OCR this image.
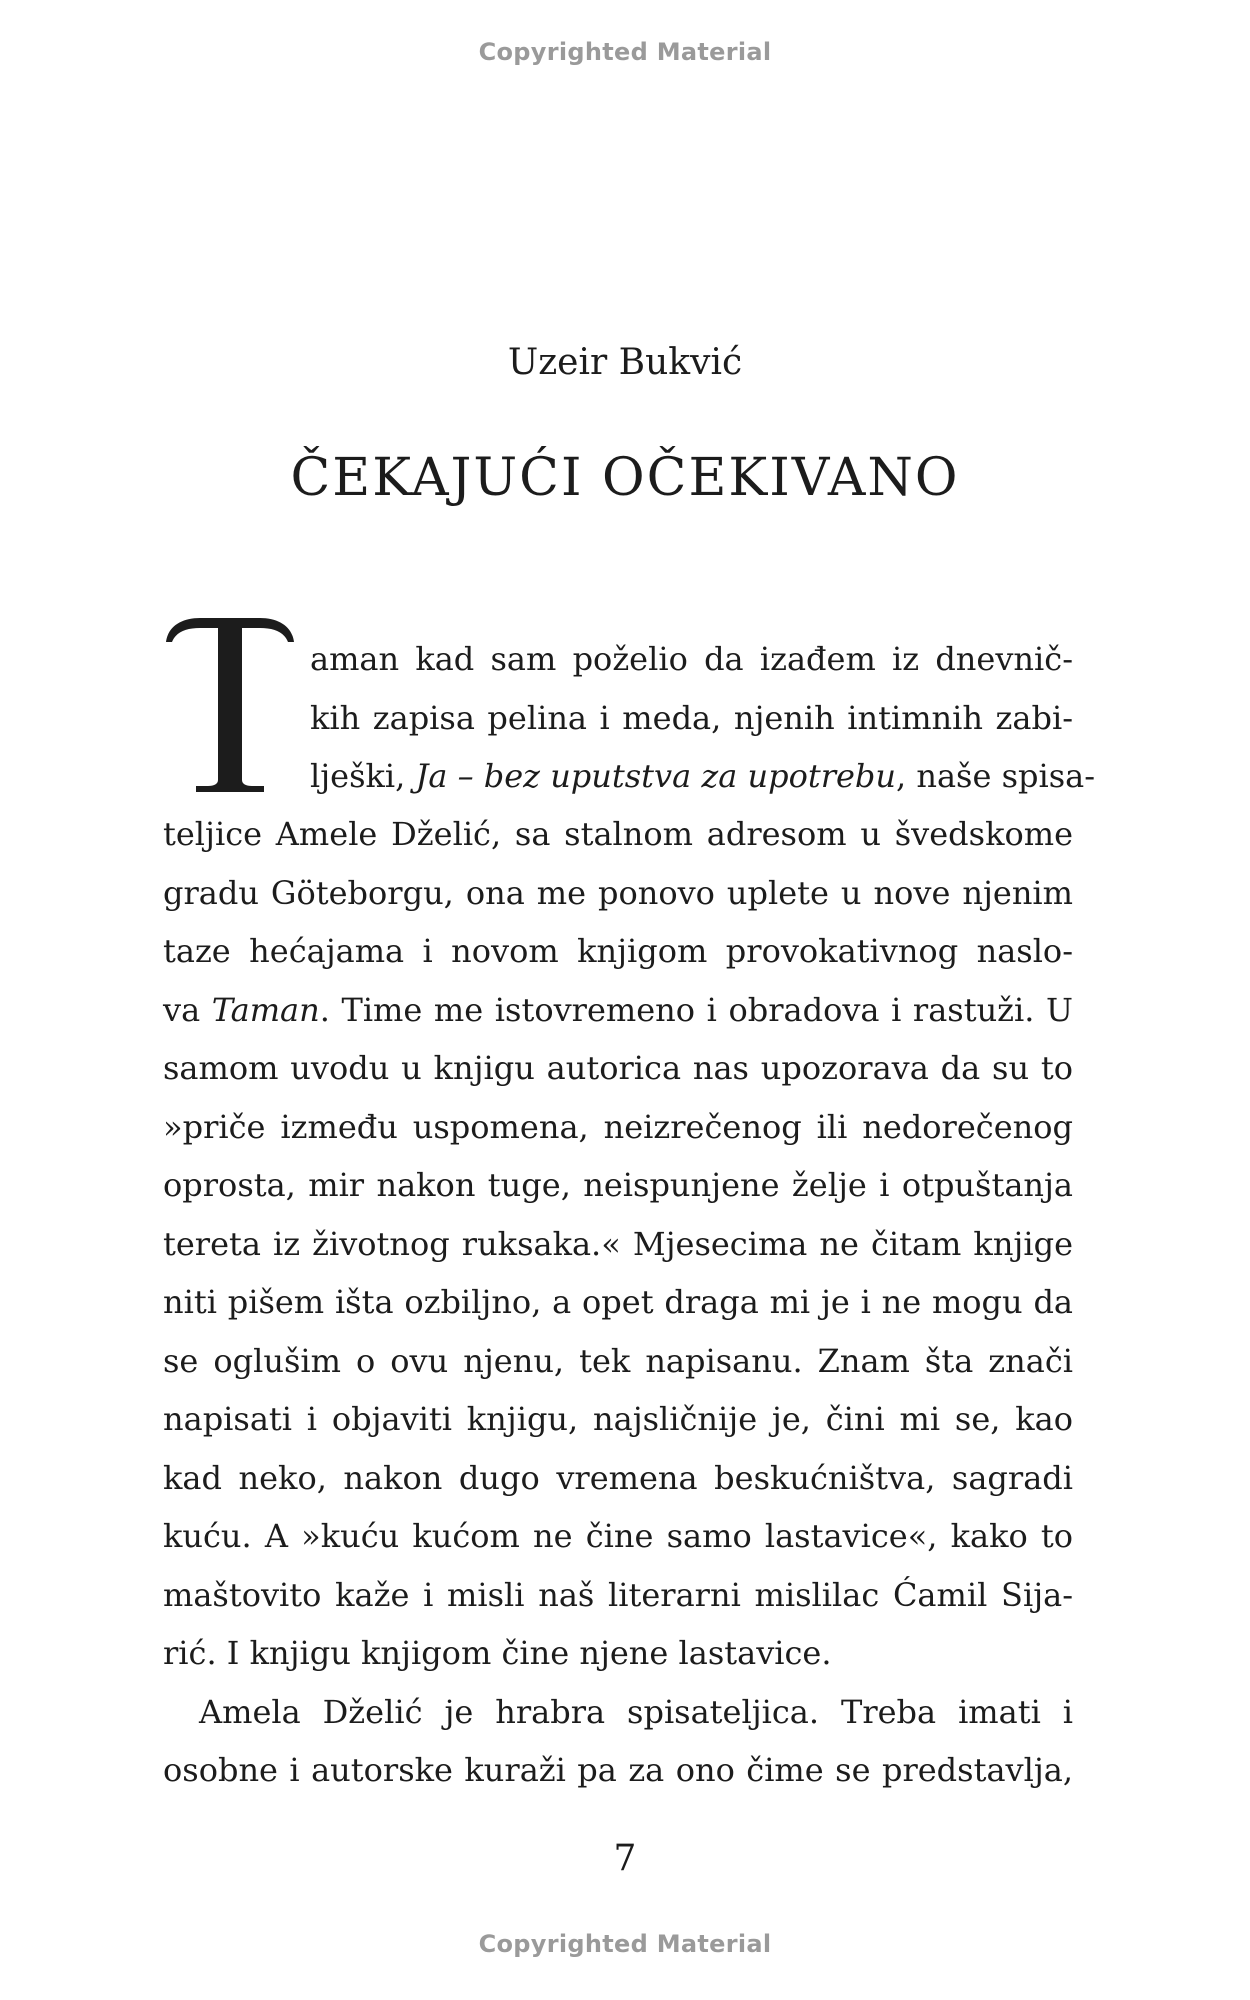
Copyrighted Material
Uzeir Bukvić
ČEKAJUĆI OČEKIVANO
aman kad sam poželio da izađem iz dnevnič-
kih zapisa pelina i meda, njenih intimnih zabi-
lješki, Ja – bez uputstva za upotrebu, naše spisa-
teljice Amele Dželić, sa stalnom adresom u švedskome
gradu Göteborgu, ona me ponovo uplete u nove njenim
taze hećajama i novom knjigom provokativnog naslo-
va Taman. Time me istovremeno i obradova i rastuži. U
samom uvodu u knjigu autorica nas upozorava da su to
»priče između uspomena, neizrečenog ili nedorečenog
oprosta, mir nakon tuge, neispunjene želje i otpuštanja
tereta iz životnog ruksaka.« Mjesecima ne čitam knjige
niti pišem išta ozbiljno, a opet draga mi je i ne mogu da
se oglušim o ovu njenu, tek napisanu. Znam šta znači
napisati i objaviti knjigu, najsličnije je, čini mi se, kao
kad neko, nakon dugo vremena beskućništva, sagradi
kuću. A »kuću kućom ne čine samo lastavice«, kako to
maštovito kaže i misli naš literarni mislilac Ćamil Sija-
rić. I knjigu knjigom čine njene lastavice.
Amela Dželić je hrabra spisateljica. Treba imati i
osobne i autorske kuraži pa za ono čime se predstavlja,
7
Copyrighted Material
